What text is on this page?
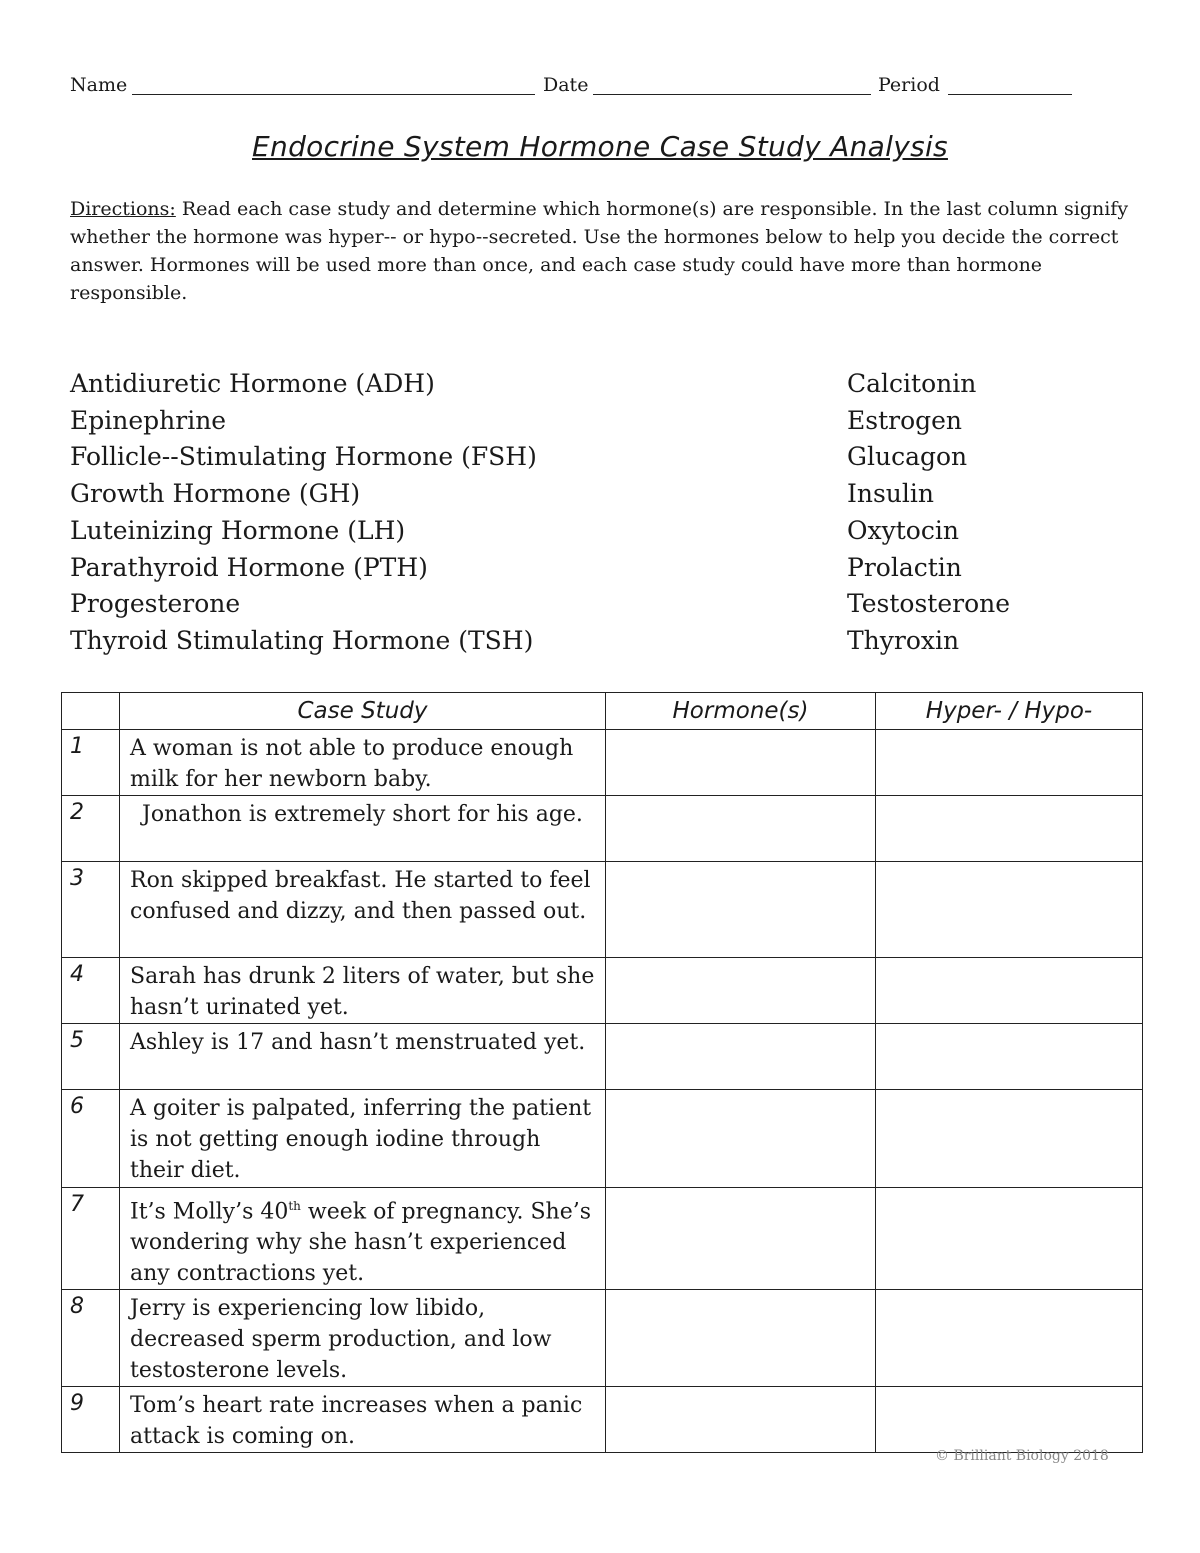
Name	Date	Period
Endocrine System Hormone Case Study Analysis
Directions: Read each case study and determine which hormone(s) are responsible. In the last column signify whether the hormone was hyper-- or hypo--secreted. Use the hormones below to help you decide the correct answer. Hormones will be used more than once, and each case study could have more than hormone responsible.
Antidiuretic Hormone (ADH)
Epinephrine
Follicle--Stimulating Hormone (FSH)
Growth Hormone (GH)
Luteinizing Hormone (LH)
Parathyroid Hormone (PTH)
Progesterone
Thyroid Stimulating Hormone (TSH)
Calcitonin
Estrogen
Glucagon
Insulin
Oxytocin
Prolactin
Testosterone
Thyroxin
	Case Study	Hormone(s)	Hyper- / Hypo-
1	A woman is not able to produce enough milk for her newborn baby.		
2	Jonathon is extremely short for his age.		
3	Ron skipped breakfast. He started to feel confused and dizzy, and then passed out.		
4	Sarah has drunk 2 liters of water, but she hasn’t urinated yet.		
5	Ashley is 17 and hasn’t menstruated yet.		
6	A goiter is palpated, inferring the patient is not getting enough iodine through their diet.		
7	It’s Molly’s 40th week of pregnancy. She’s wondering why she hasn’t experienced any contractions yet.		
8	Jerry is experiencing low libido, decreased sperm production, and low testosterone levels.		
9	Tom’s heart rate increases when a panic attack is coming on.		
© Brilliant Biology 2018
